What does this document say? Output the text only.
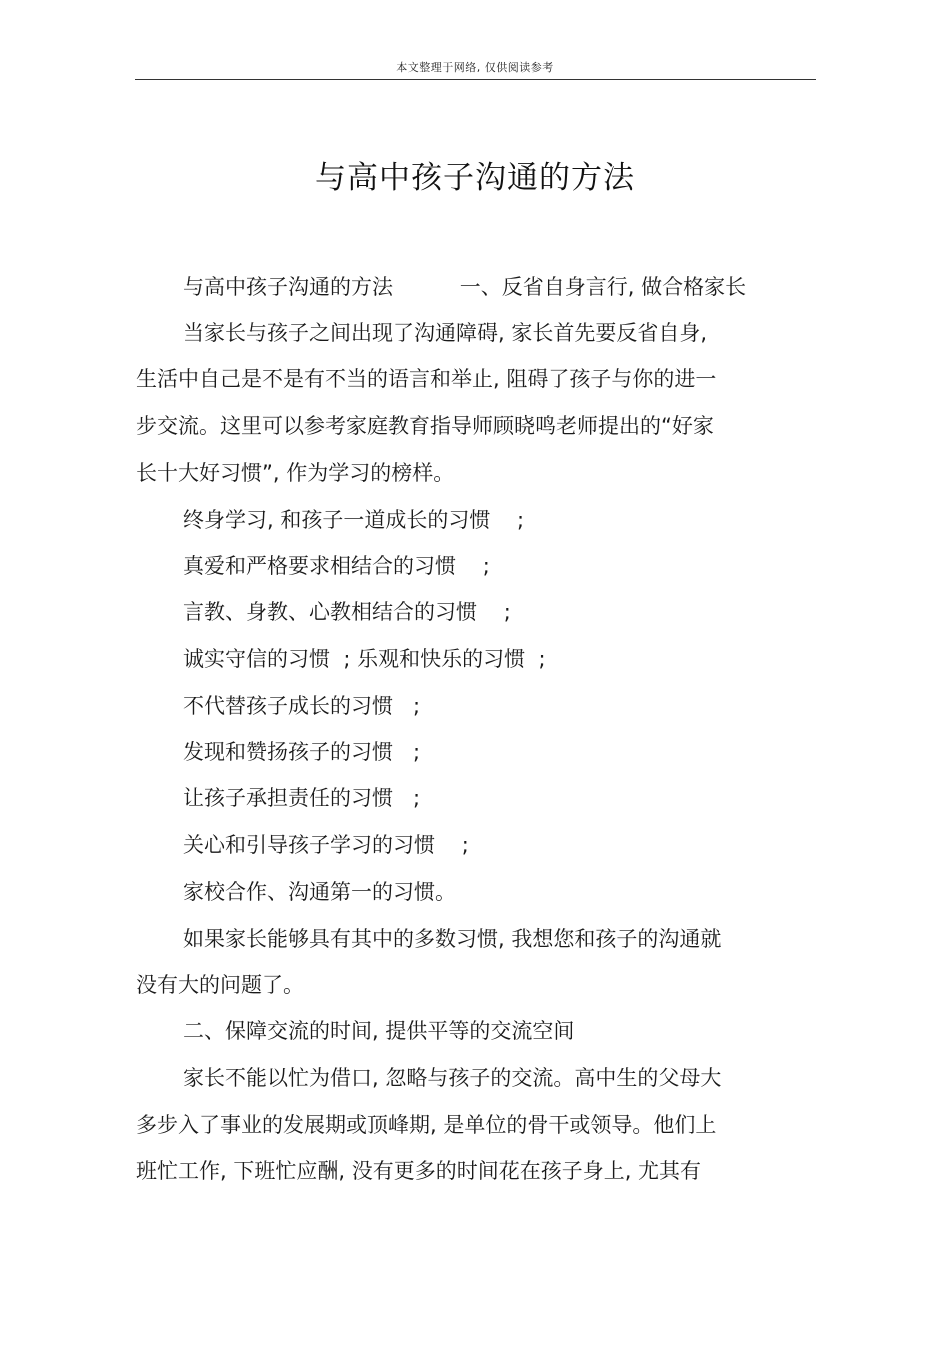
本文整理于网络, 仅供阅读参考
与高中孩子沟通的方法
与高中孩子沟通的方法          一、反省自身言行, 做合格家长
当家长与孩子之间出现了沟通障碍, 家长首先要反省自身,
生活中自己是不是有不当的语言和举止, 阻碍了孩子与你的进一
步交流。这里可以参考家庭教育指导师顾晓鸣老师提出的“好家
长十大好习惯”, 作为学习的榜样。
终身学习, 和孩子一道成长的习惯    ;
真爱和严格要求相结合的习惯    ;
言教、身教、心教相结合的习惯    ;
诚实守信的习惯  ; 乐观和快乐的习惯  ;
不代替孩子成长的习惯   ;
发现和赞扬孩子的习惯   ;
让孩子承担责任的习惯   ;
关心和引导孩子学习的习惯    ;
家校合作、沟通第一的习惯。
如果家长能够具有其中的多数习惯, 我想您和孩子的沟通就
没有大的问题了。
二、保障交流的时间, 提供平等的交流空间
家长不能以忙为借口, 忽略与孩子的交流。高中生的父母大
多步入了事业的发展期或顶峰期, 是单位的骨干或领导。他们上
班忙工作, 下班忙应酬, 没有更多的时间花在孩子身上, 尤其有
